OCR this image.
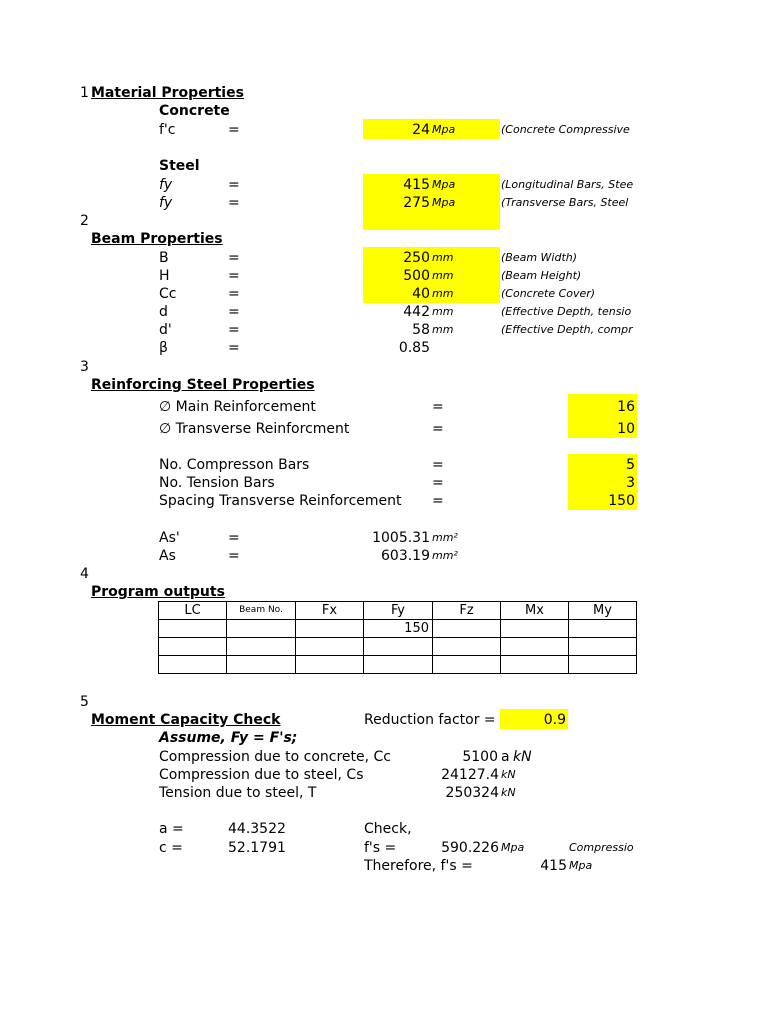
1 Material Properties
Concrete
f'c	=	24 Mpa	(Concrete Compressive
Steel
fy	=	415 Mpa	(Longitudinal Bars, Stee
fy	=	275 Mpa	(Transverse Bars, Steel
2
Beam Properties
B	=	250 mm	(Beam Width)
H	=	500 mm	(Beam Height)
Cc	=	40 mm	(Concrete Cover)
d	=	442 mm	(Effective Depth, tensio
d'	=	58 mm	(Effective Depth, compr
β	=	0.85
3
Reinforcing Steel Properties
∅ Main Reinforcement	=	16
∅ Transverse Reinforcment	=	10
No. Compresson Bars	=	5
No. Tension Bars	=	3
Spacing Transverse Reinforcement =	150
As'	=	1005.31 mm²
As	=	603.19 mm²
4
Program outputs
LC	Beam No.	Fx	Fy	Fz	Mx	My
			150			

5
Moment Capacity Check	Reduction factor =	0.9
Assume, Fy = F's;
Compression due to concrete, Cc	5100 a kN
Compression due to steel, Cs	24127.4 kN
Tension due to steel, T	250324 kN
a =	44.3522	Check,
c =	52.1791	f's =	590.226 Mpa	Compressio
Therefore, f's =	415 Mpa
